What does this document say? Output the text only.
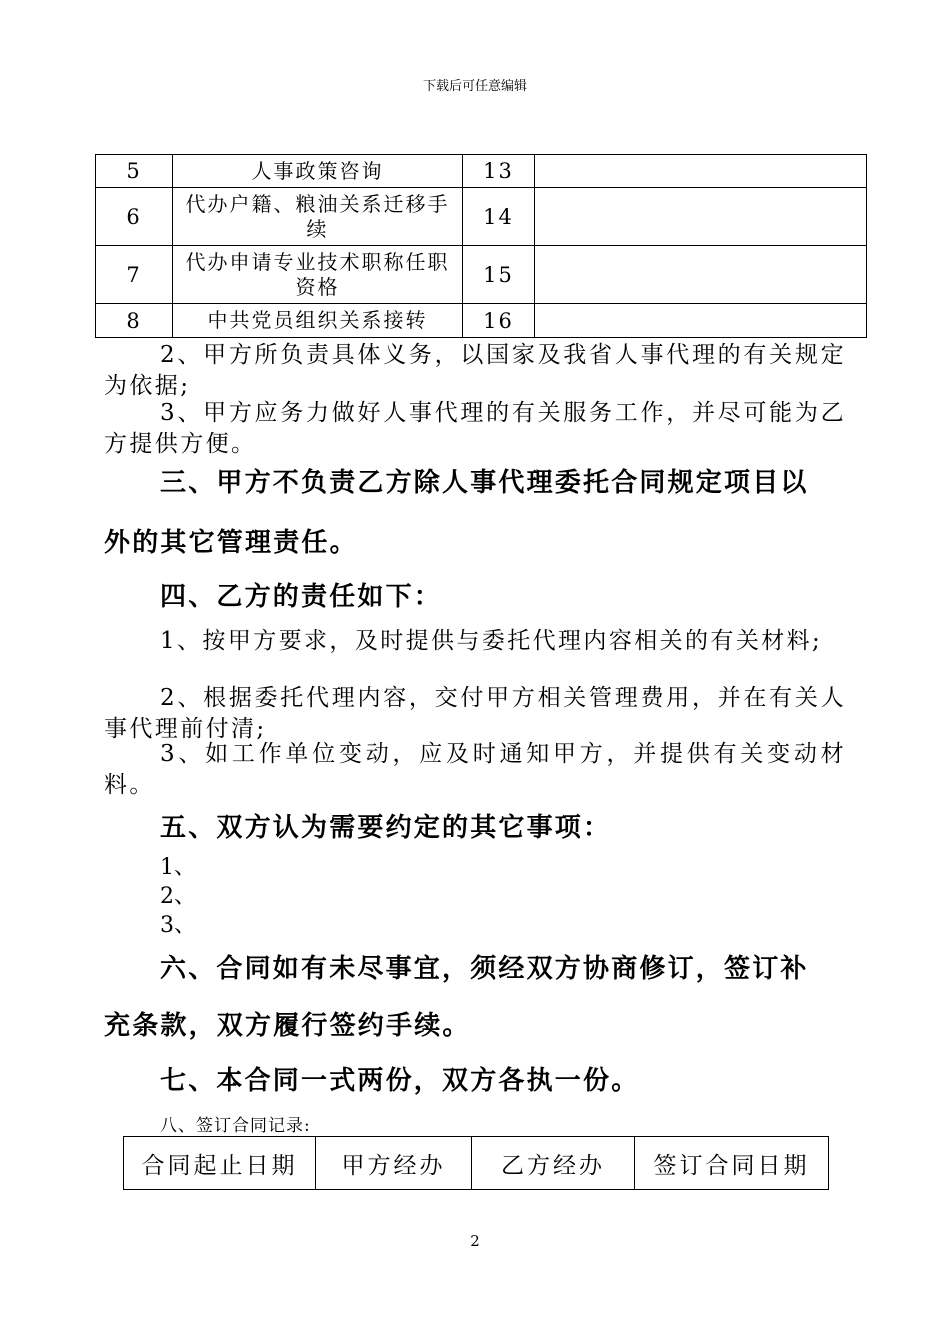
下载后可任意编辑
5	人事政策咨询	13	
6	代办户籍、粮油关系迁移手续	14	
7	代办申请专业技术职称任职资格	15	
8	中共党员组织关系接转	16	

2、甲方所负责具体义务，以国家及我省人事代理的有关规定为依据;

3、甲方应务力做好人事代理的有关服务工作，并尽可能为乙方提供方便。

三、甲方不负责乙方除人事代理委托合同规定项目以

外的其它管理责任。

四、乙方的责任如下：

1、按甲方要求，及时提供与委托代理内容相关的有关材料;

2、根据委托代理内容，交付甲方相关管理费用，并在有关人事代理前付清;

3、如工作单位变动，应及时通知甲方，并提供有关变动材料。

五、双方认为需要约定的其它事项：

1、
2、
3、

六、合同如有未尽事宜，须经双方协商修订，签订补

充条款，双方履行签约手续。

七、本合同一式两份，双方各执一份。

八、签订合同记录:
合同起止日期	甲方经办	乙方经办	签订合同日期
2
